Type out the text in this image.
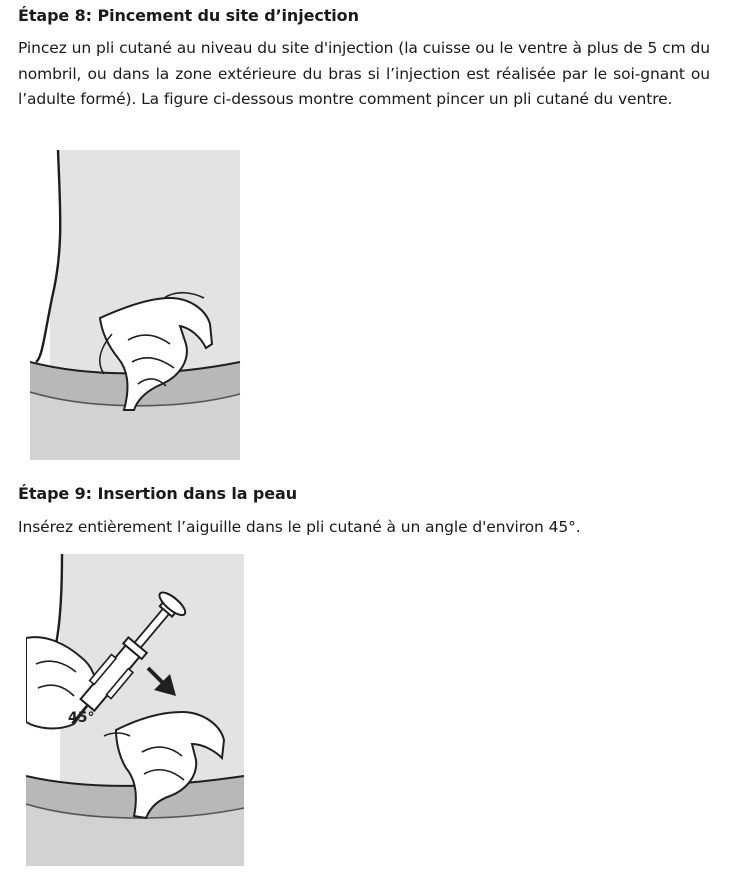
Étape 8: Pincement du site d’injection

Pincez un pli cutané au niveau du site d'injection (la cuisse ou le ventre à plus de 5 cm du nombril, ou dans la zone extérieure du bras si l’injection est réalisée par le soi-gnant ou l’adulte formé). La figure ci-dessous montre comment pincer un pli cutané du ventre.

Étape 9: Insertion dans la peau

Insérez entièrement l’aiguille dans le pli cutané à un angle d'environ 45°.

45°
